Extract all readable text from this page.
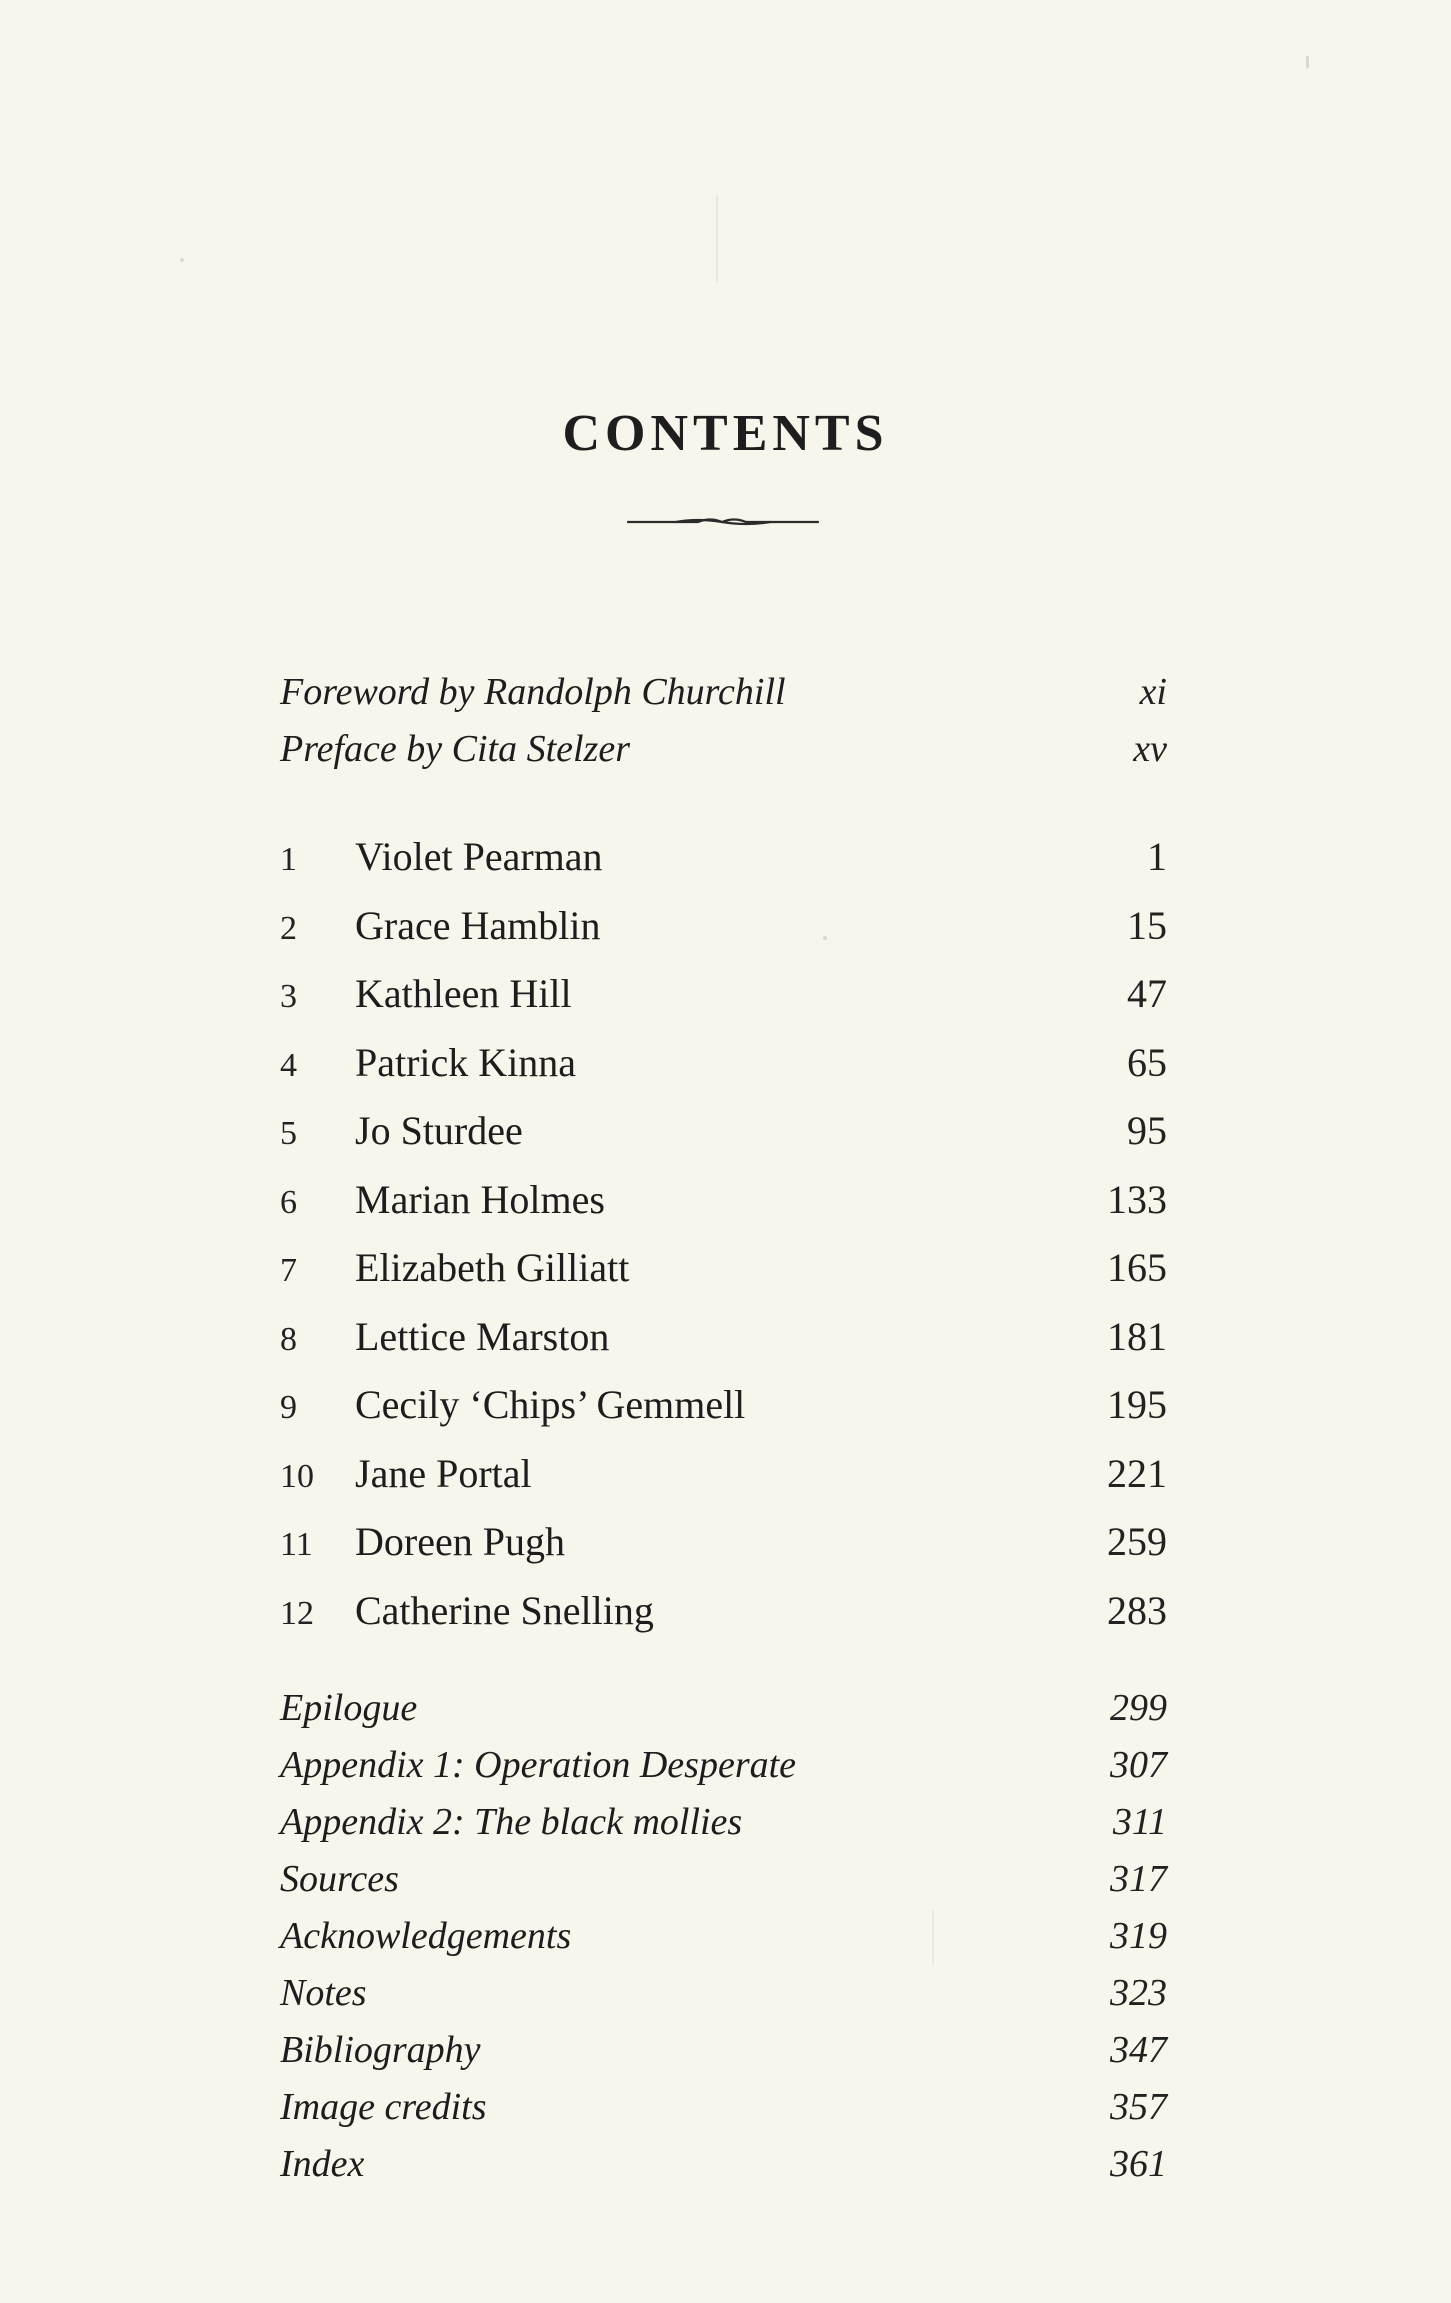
CONTENTS
Foreword by Randolph Churchill	xi
Preface by Cita Stelzer	xv
1	Violet Pearman	1
2	Grace Hamblin	15
3	Kathleen Hill	47
4	Patrick Kinna	65
5	Jo Sturdee	95
6	Marian Holmes	133
7	Elizabeth Gilliatt	165
8	Lettice Marston	181
9	Cecily ‘Chips’ Gemmell	195
10	Jane Portal	221
11	Doreen Pugh	259
12	Catherine Snelling	283
Epilogue	299
Appendix 1: Operation Desperate	307
Appendix 2: The black mollies	311
Sources	317
Acknowledgements	319
Notes	323
Bibliography	347
Image credits	357
Index	361
